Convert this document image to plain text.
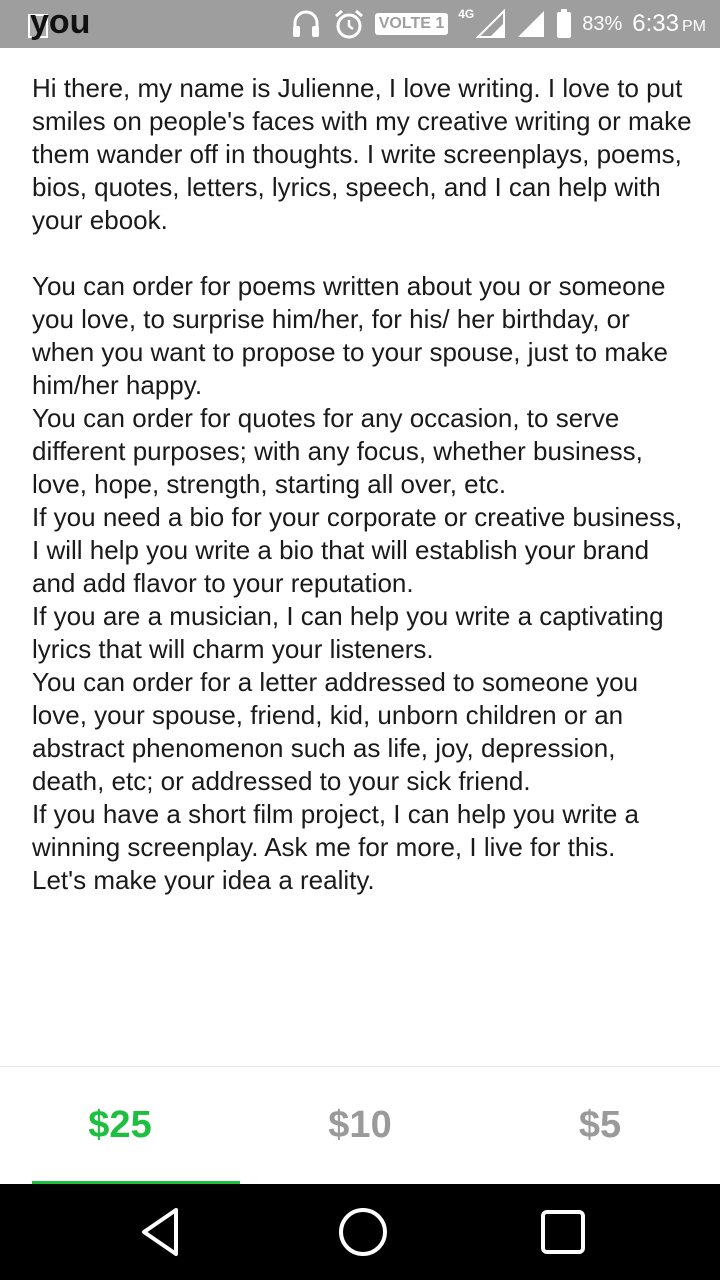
you	VOLTE 1
4G	83% 6:33 PM

Hi there, my name is Julienne, I love writing. I love to put smiles on people's faces with my creative writing or make them wander off in thoughts. I write screenplays, poems, bios, quotes, letters, lyrics, speech, and I can help with your ebook.

You can order for poems written about you or someone you love, to surprise him/her, for his/ her birthday, or when you want to propose to your spouse, just to make him/her happy.

You can order for quotes for any occasion, to serve different purposes; with any focus, whether business, love, hope, strength, starting all over, etc.

If you need a bio for your corporate or creative business, I will help you write a bio that will establish your brand and add flavor to your reputation.

If you are a musician, I can help you write a captivating lyrics that will charm your listeners.

You can order for a letter addressed to someone you love, your spouse, friend, kid, unborn children or an abstract phenomenon such as life, joy, depression, death, etc; or addressed to your sick friend.

If you have a short film project, I can help you write a winning screenplay. Ask me for more, I live for this.

Let's make your idea a reality.

$25	$10	$5
